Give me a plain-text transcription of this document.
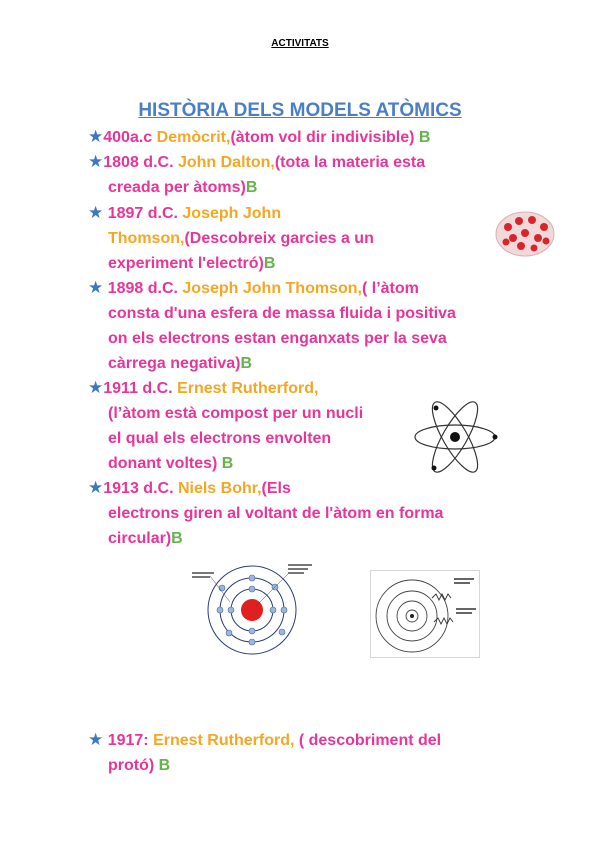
ACTIVITATS
HISTÒRIA DELS MODELS ATÒMICS
★400a.c Demòcrit,(àtom vol dir indivisible) B
★1808 d.C. John Dalton,(tota la materia esta
creada per àtoms)B
★ 1897 d.C. Joseph John
Thomson,(Descobreix garcies a un
experiment l'electró)B
★ 1898 d.C. Joseph John Thomson,( l’àtom
consta d'una esfera de massa fluida i positiva
on els electrons estan enganxats per la seva
càrrega negativa)B
★1911 d.C. Ernest Rutherford,
(l’àtom està compost per un nucli
el qual els electrons envolten
donant voltes) B
★1913 d.C. Niels Bohr,(Els
electrons giren al voltant de l'àtom en forma
circular)B
★ 1917: Ernest Rutherford, ( descobriment del
protó) B
